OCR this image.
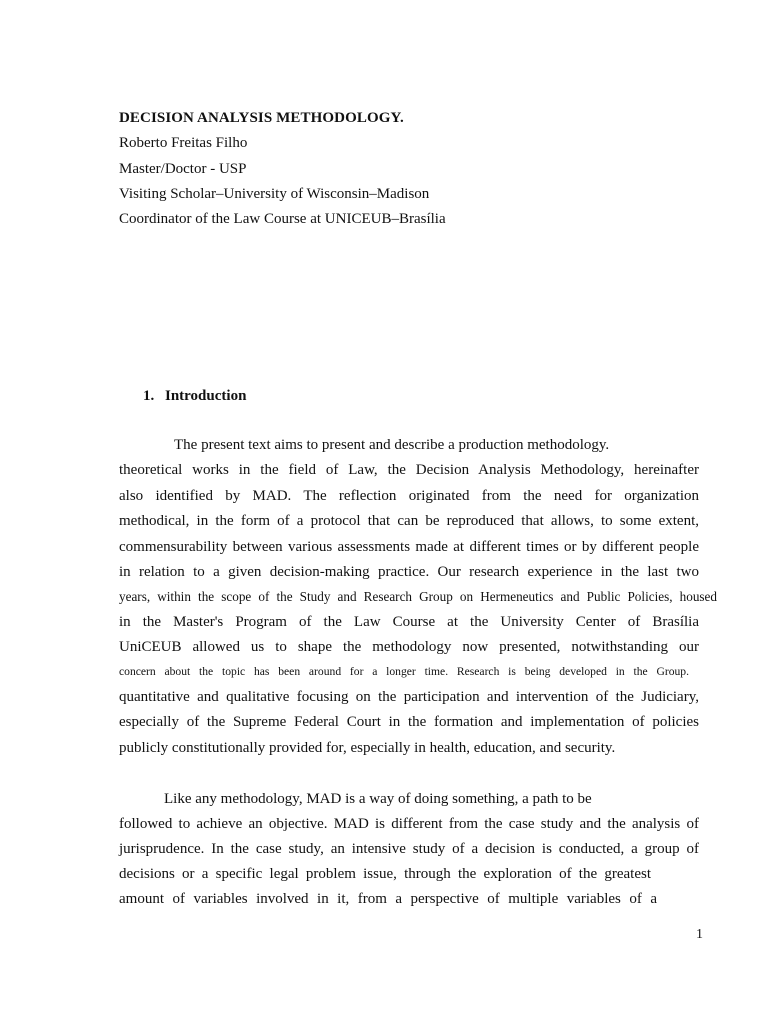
DECISION ANALYSIS METHODOLOGY.
Roberto Freitas Filho
Master/Doctor - USP
Visiting Scholar–University of Wisconsin–Madison
Coordinator of the Law Course at UNICEUB–Brasília
1. Introduction
The present text aims to present and describe a production methodology.
theoretical works in the field of Law, the Decision Analysis Methodology, hereinafter
also identified by MAD. The reflection originated from the need for organization
methodical, in the form of a protocol that can be reproduced that allows, to some extent,
commensurability between various assessments made at different times or by different people
in relation to a given decision-making practice. Our research experience in the last two
years, within the scope of the Study and Research Group on Hermeneutics and Public Policies, housed
in the Master's Program of the Law Course at the University Center of Brasília
UniCEUB allowed us to shape the methodology now presented, notwithstanding our
concern about the topic has been around for a longer time. Research is being developed in the Group.
quantitative and qualitative focusing on the participation and intervention of the Judiciary,
especially of the Supreme Federal Court in the formation and implementation of policies
publicly constitutionally provided for, especially in health, education, and security.
Like any methodology, MAD is a way of doing something, a path to be
followed to achieve an objective. MAD is different from the case study and the analysis of
jurisprudence. In the case study, an intensive study of a decision is conducted, a group of
decisions or a specific legal problem issue, through the exploration of the greatest
amount of variables involved in it, from a perspective of multiple variables of a
1
